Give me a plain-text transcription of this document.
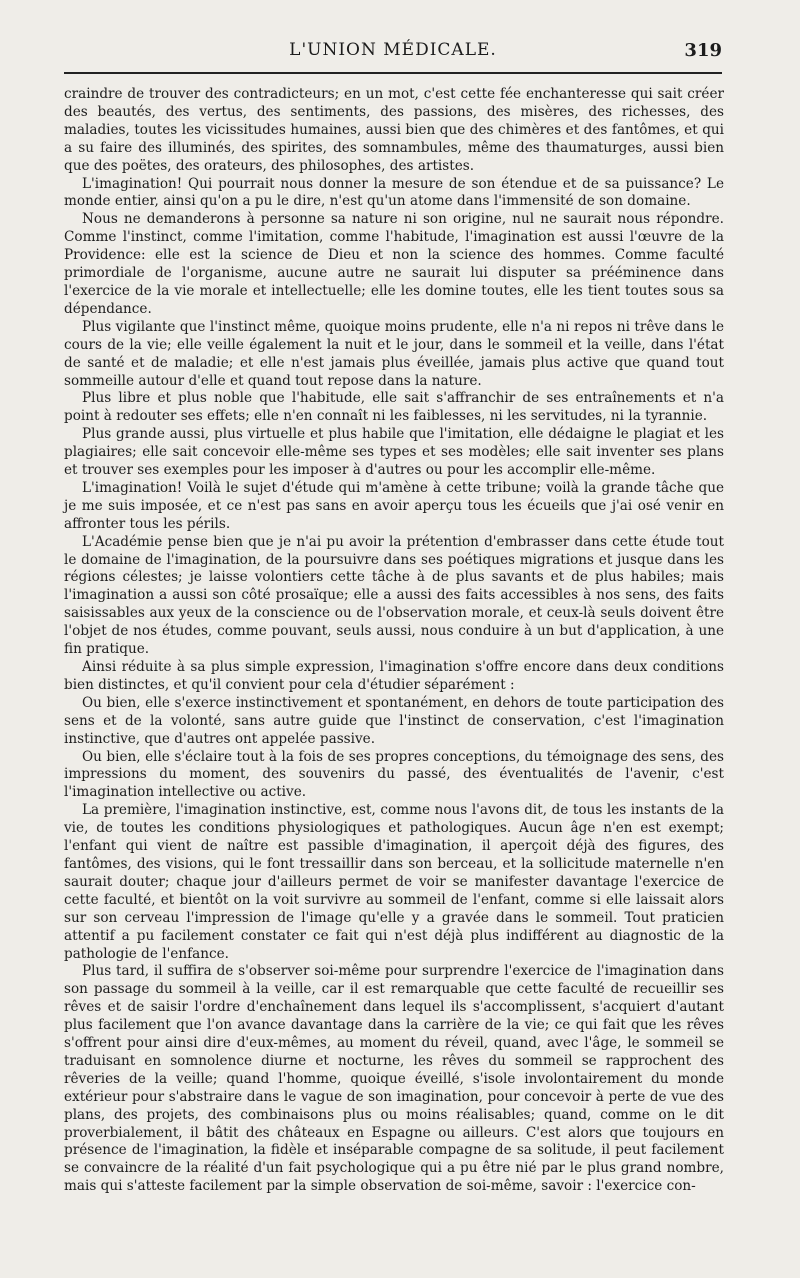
L'UNION MÉDICALE.	319

craindre de trouver des contradicteurs; en un mot, c'est cette fée enchanteresse qui sait créer des beautés, des vertus, des sentiments, des passions, des misères, des richesses, des maladies, toutes les vicissitudes humaines, aussi bien que des chimères et des fantômes, et qui a su faire des illuminés, des spirites, des somnambules, même des thaumaturges, aussi bien que des poëtes, des orateurs, des philosophes, des artistes.

L'imagination! Qui pourrait nous donner la mesure de son étendue et de sa puissance? Le monde entier, ainsi qu'on a pu le dire, n'est qu'un atome dans l'immensité de son domaine.

Nous ne demanderons à personne sa nature ni son origine, nul ne saurait nous répondre. Comme l'instinct, comme l'imitation, comme l'habitude, l'imagination est aussi l'œuvre de la Providence: elle est la science de Dieu et non la science des hommes. Comme faculté primordiale de l'organisme, aucune autre ne saurait lui disputer sa prééminence dans l'exercice de la vie morale et intellectuelle; elle les domine toutes, elle les tient toutes sous sa dépendance.

Plus vigilante que l'instinct même, quoique moins prudente, elle n'a ni repos ni trêve dans le cours de la vie; elle veille également la nuit et le jour, dans le sommeil et la veille, dans l'état de santé et de maladie; et elle n'est jamais plus éveillée, jamais plus active que quand tout sommeille autour d'elle et quand tout repose dans la nature.

Plus libre et plus noble que l'habitude, elle sait s'affranchir de ses entraînements et n'a point à redouter ses effets; elle n'en connaît ni les faiblesses, ni les servitudes, ni la tyrannie.

Plus grande aussi, plus virtuelle et plus habile que l'imitation, elle dédaigne le plagiat et les plagiaires; elle sait concevoir elle-même ses types et ses modèles; elle sait inventer ses plans et trouver ses exemples pour les imposer à d'autres ou pour les accomplir elle-même.

L'imagination! Voilà le sujet d'étude qui m'amène à cette tribune; voilà la grande tâche que je me suis imposée, et ce n'est pas sans en avoir aperçu tous les écueils que j'ai osé venir en affronter tous les périls.

L'Académie pense bien que je n'ai pu avoir la prétention d'embrasser dans cette étude tout le domaine de l'imagination, de la poursuivre dans ses poétiques migrations et jusque dans les régions célestes; je laisse volontiers cette tâche à de plus savants et de plus habiles; mais l'imagination a aussi son côté prosaïque; elle a aussi des faits accessibles à nos sens, des faits saisissables aux yeux de la conscience ou de l'observation morale, et ceux-là seuls doivent être l'objet de nos études, comme pouvant, seuls aussi, nous conduire à un but d'application, à une fin pratique.

Ainsi réduite à sa plus simple expression, l'imagination s'offre encore dans deux conditions bien distinctes, et qu'il convient pour cela d'étudier séparément :

Ou bien, elle s'exerce instinctivement et spontanément, en dehors de toute participation des sens et de la volonté, sans autre guide que l'instinct de conservation, c'est l'imagination instinctive, que d'autres ont appelée passive.

Ou bien, elle s'éclaire tout à la fois de ses propres conceptions, du témoignage des sens, des impressions du moment, des souvenirs du passé, des éventualités de l'avenir, c'est l'imagination intellective ou active.

La première, l'imagination instinctive, est, comme nous l'avons dit, de tous les instants de la vie, de toutes les conditions physiologiques et pathologiques. Aucun âge n'en est exempt; l'enfant qui vient de naître est passible d'imagination, il aperçoit déjà des figures, des fantômes, des visions, qui le font tressaillir dans son berceau, et la sollicitude maternelle n'en saurait douter; chaque jour d'ailleurs permet de voir se manifester davantage l'exercice de cette faculté, et bientôt on la voit survivre au sommeil de l'enfant, comme si elle laissait alors sur son cerveau l'impression de l'image qu'elle y a gravée dans le sommeil. Tout praticien attentif a pu facilement constater ce fait qui n'est déjà plus indifférent au diagnostic de la pathologie de l'enfance.

Plus tard, il suffira de s'observer soi-même pour surprendre l'exercice de l'imagination dans son passage du sommeil à la veille, car il est remarquable que cette faculté de recueillir ses rêves et de saisir l'ordre d'enchaînement dans lequel ils s'accomplissent, s'acquiert d'autant plus facilement que l'on avance davantage dans la carrière de la vie; ce qui fait que les rêves s'offrent pour ainsi dire d'eux-mêmes, au moment du réveil, quand, avec l'âge, le sommeil se traduisant en somnolence diurne et nocturne, les rêves du sommeil se rapprochent des rêveries de la veille; quand l'homme, quoique éveillé, s'isole involontairement du monde extérieur pour s'abstraire dans le vague de son imagination, pour concevoir à perte de vue des plans, des projets, des combinaisons plus ou moins réalisables; quand, comme on le dit proverbialement, il bâtit des châteaux en Espagne ou ailleurs. C'est alors que toujours en présence de l'imagination, la fidèle et inséparable compagne de sa solitude, il peut facilement se convaincre de la réalité d'un fait psychologique qui a pu être nié par le plus grand nombre, mais qui s'atteste facilement par la simple observation de soi-même, savoir : l'exercice con-
